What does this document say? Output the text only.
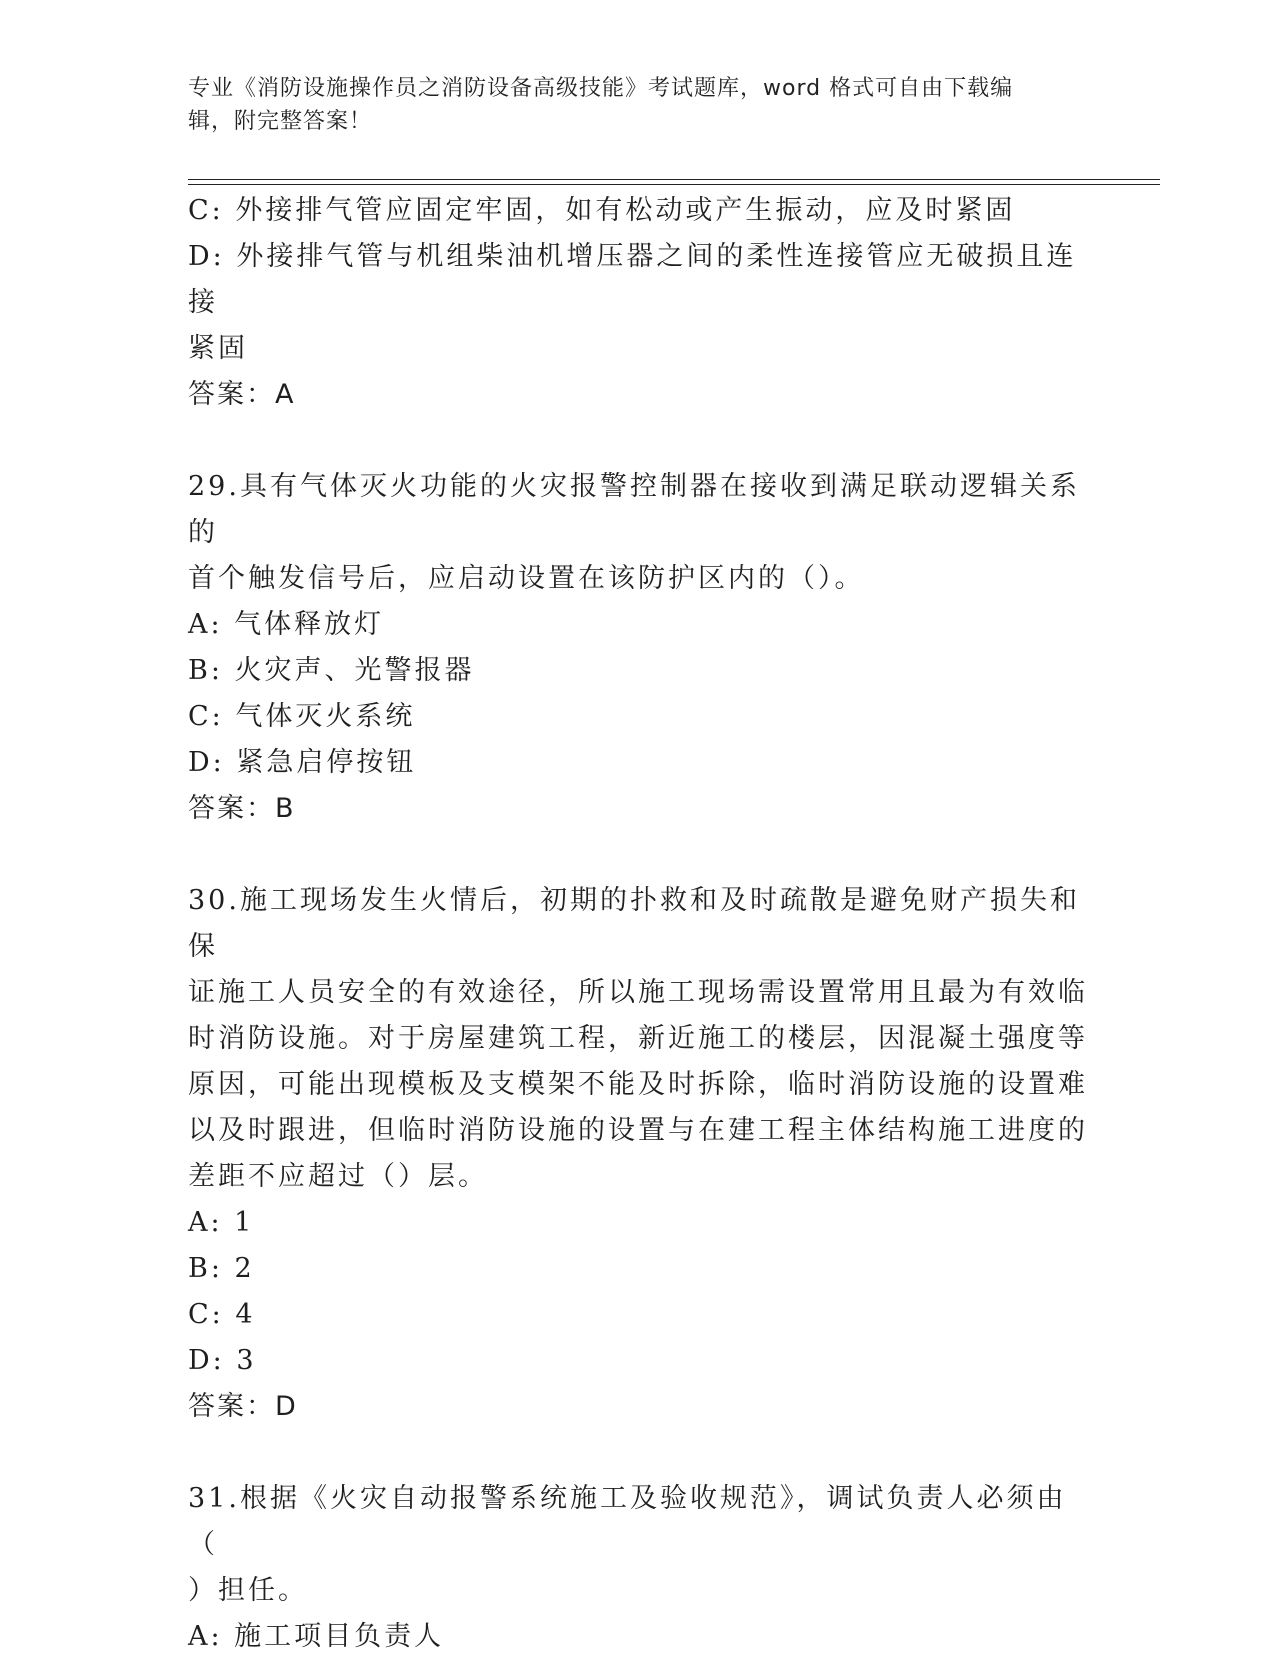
专业《消防设施操作员之消防设备高级技能》考试题库，word 格式可自由下载编
辑，附完整答案！
C: 外接排气管应固定牢固，如有松动或产生振动，应及时紧固
D: 外接排气管与机组柴油机增压器之间的柔性连接管应无破损且连接
紧固
答案：A
29.具有气体灭火功能的火灾报警控制器在接收到满足联动逻辑关系的
首个触发信号后，应启动设置在该防护区内的（）。
A: 气体释放灯
B: 火灾声、光警报器
C: 气体灭火系统
D: 紧急启停按钮
答案：B
30.施工现场发生火情后，初期的扑救和及时疏散是避免财产损失和保
证施工人员安全的有效途径，所以施工现场需设置常用且最为有效临
时消防设施。对于房屋建筑工程，新近施工的楼层，因混凝土强度等
原因，可能出现模板及支模架不能及时拆除，临时消防设施的设置难
以及时跟进，但临时消防设施的设置与在建工程主体结构施工进度的
差距不应超过（）层。
A: 1
B: 2
C: 4
D: 3
答案：D
31.根据《火灾自动报警系统施工及验收规范》，调试负责人必须由（
）担任。
A: 施工项目负责人
